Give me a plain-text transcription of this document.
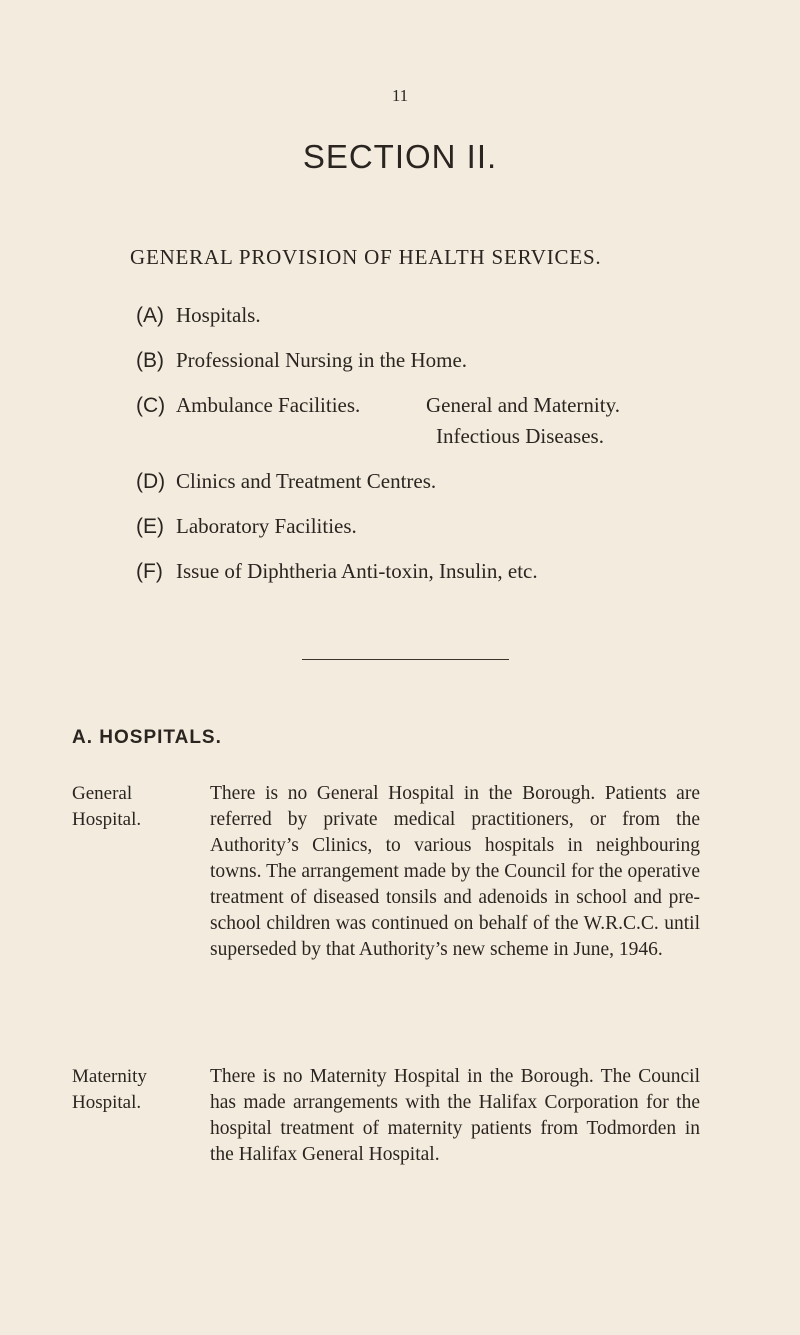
11
SECTION II.
GENERAL PROVISION OF HEALTH SERVICES.
(A) Hospitals.
(B) Professional Nursing in the Home.
(C) Ambulance Facilities.	General and Maternity.
Infectious Diseases.
(D) Clinics and Treatment Centres.
(E) Laboratory Facilities.
(F) Issue of Diphtheria Anti-toxin, Insulin, etc.
A. HOSPITALS.
General
Hospital.
There is no General Hospital in the Borough. Patients are referred by private medical practitioners, or from the Authority’s Clinics, to various hospitals in neighbouring towns. The arrangement made by the Council for the operative treatment of diseased tonsils and adenoids in school and pre-school children was continued on behalf of the W.R.C.C. until superseded by that Authority’s new scheme in June, 1946.
Maternity
Hospital.
There is no Maternity Hospital in the Borough. The Council has made arrangements with the Halifax Corporation for the hospital treatment of maternity patients from Todmorden in the Halifax General Hospital.
